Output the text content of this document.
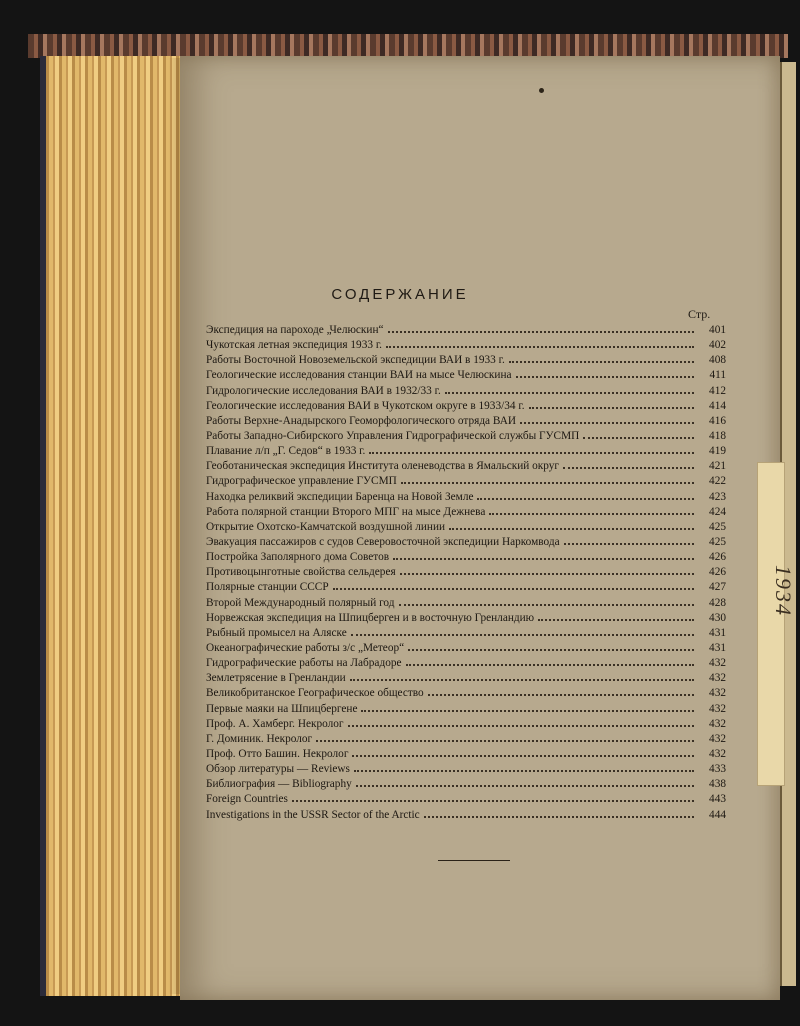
1934
СОДЕРЖАНИЕ
Стр.
Экспедиция на пароходе „Челюскин“	401
Чукотская летная экспедиция 1933 г.	402
Работы Восточной Новоземельской экспедиции ВАИ в 1933 г.	408
Геологические исследования станции ВАИ на мысе Челюскина	411
Гидрологические исследования ВАИ в 1932/33 г.	412
Геологические исследования ВАИ в Чукотском округе в 1933/34 г.	414
Работы Верхне-Анадырского Геоморфологического отряда ВАИ	416
Работы Западно-Сибирского Управления Гидрографической службы ГУСМП	418
Плавание л/п „Г. Седов“ в 1933 г.	419
Геоботаническая экспедиция Института оленеводства в Ямальский округ	421
Гидрографическое управление ГУСМП	422
Находка реликвий экспедиции Баренца на Новой Земле	423
Работа полярной станции Второго МПГ на мысе Дежнева	424
Открытие Охотско-Камчатской воздушной линии	425
Эвакуация пассажиров с судов Северовосточной экспедиции Наркомвода	425
Постройка Заполярного дома Советов	426
Противоцынготные свойства сельдерея	426
Полярные станции СССР	427
Второй Международный полярный год	428
Норвежская экспедиция на Шпицберген и в восточную Гренландию	430
Рыбный промысел на Аляске	431
Океанографические работы з/с „Метеор“	431
Гидрографические работы на Лабрадоре	432
Землетрясение в Гренландии	432
Великобританское Географическое общество	432
Первые маяки на Шпицбергене	432
Проф. А. Хамберг. Некролог	432
Г. Доминик. Некролог	432
Проф. Отто Башин. Некролог	432
Обзор литературы — Reviews	433
Библиография — Bibliography	438
Foreign Countries	443
Investigations in the USSR Sector of the Arctic	444
